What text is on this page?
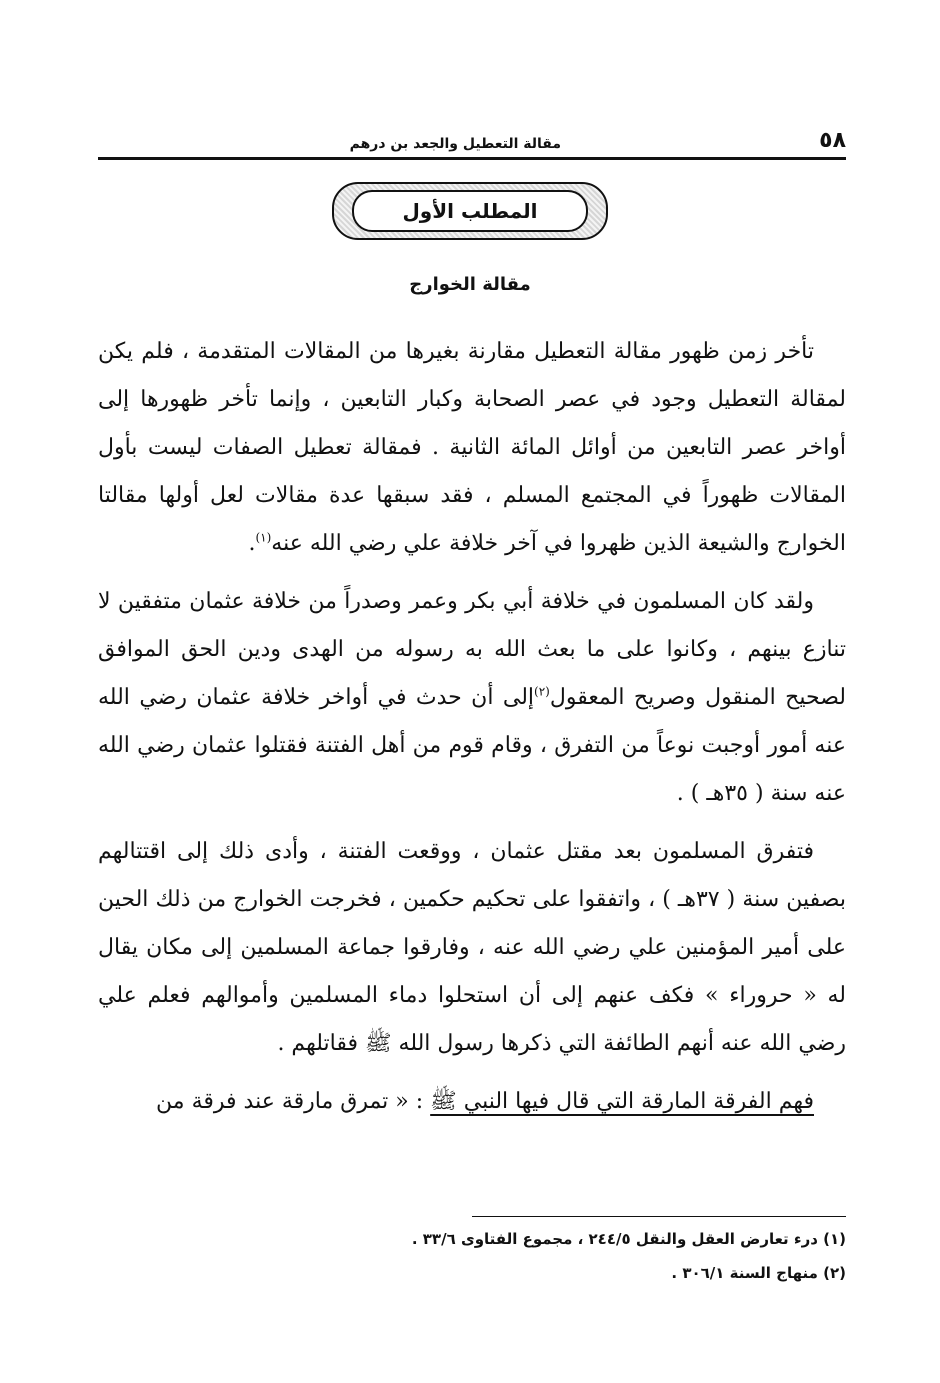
٥٨
مقالة التعطيل والجعد بن درهم
المطلب الأول
مقالة الخوارج

تأخر زمن ظهور مقالة التعطيل مقارنة بغيرها من المقالات المتقدمة ، فلم يكن لمقالة التعطيل وجود في عصر الصحابة وكبار التابعين ، وإنما تأخر ظهورها إلى أواخر عصر التابعين من أوائل المائة الثانية . فمقالة تعطيل الصفات ليست بأول المقالات ظهوراً في المجتمع المسلم ، فقد سبقها عدة مقالات لعل أولها مقالتا الخوارج والشيعة الذين ظهروا في آخر خلافة علي رضي الله عنه$^{(١)}$.

ولقد كان المسلمون في خلافة أبي بكر وعمر وصدراً من خلافة عثمان متفقين لا تنازع بينهم ، وكانوا على ما بعث الله به رسوله من الهدى ودين الحق الموافق لصحيح المنقول وصريح المعقول$^{(٢)}$إلى أن حدث في أواخر خلافة عثمان رضي الله عنه أمور أوجبت نوعاً من التفرق ، وقام قوم من أهل الفتنة فقتلوا عثمان رضي الله عنه سنة ( ٣٥هـ ) .

فتفرق المسلمون بعد مقتل عثمان ، ووقعت الفتنة ، وأدى ذلك إلى اقتتالهم بصفين سنة ( ٣٧هـ ) ، واتفقوا على تحكيم حكمين ، فخرجت الخوارج من ذلك الحين على أمير المؤمنين علي رضي الله عنه ، وفارقوا جماعة المسلمين إلى مكان يقال له « حروراء » فكف عنهم إلى أن استحلوا دماء المسلمين وأموالهم فعلم علي رضي الله عنه أنهم الطائفة التي ذكرها رسول الله ﷺ فقاتلهم .

فهم الفرقة المارقة التي قال فيها النبي ﷺ : « تمرق مارقة عند فرقة من

(١) درء تعارض العقل والنقل ٢٤٤/٥ ، مجموع الفتاوى ٣٣/٦ .
(٢) منهاج السنة ٣٠٦/١ .
